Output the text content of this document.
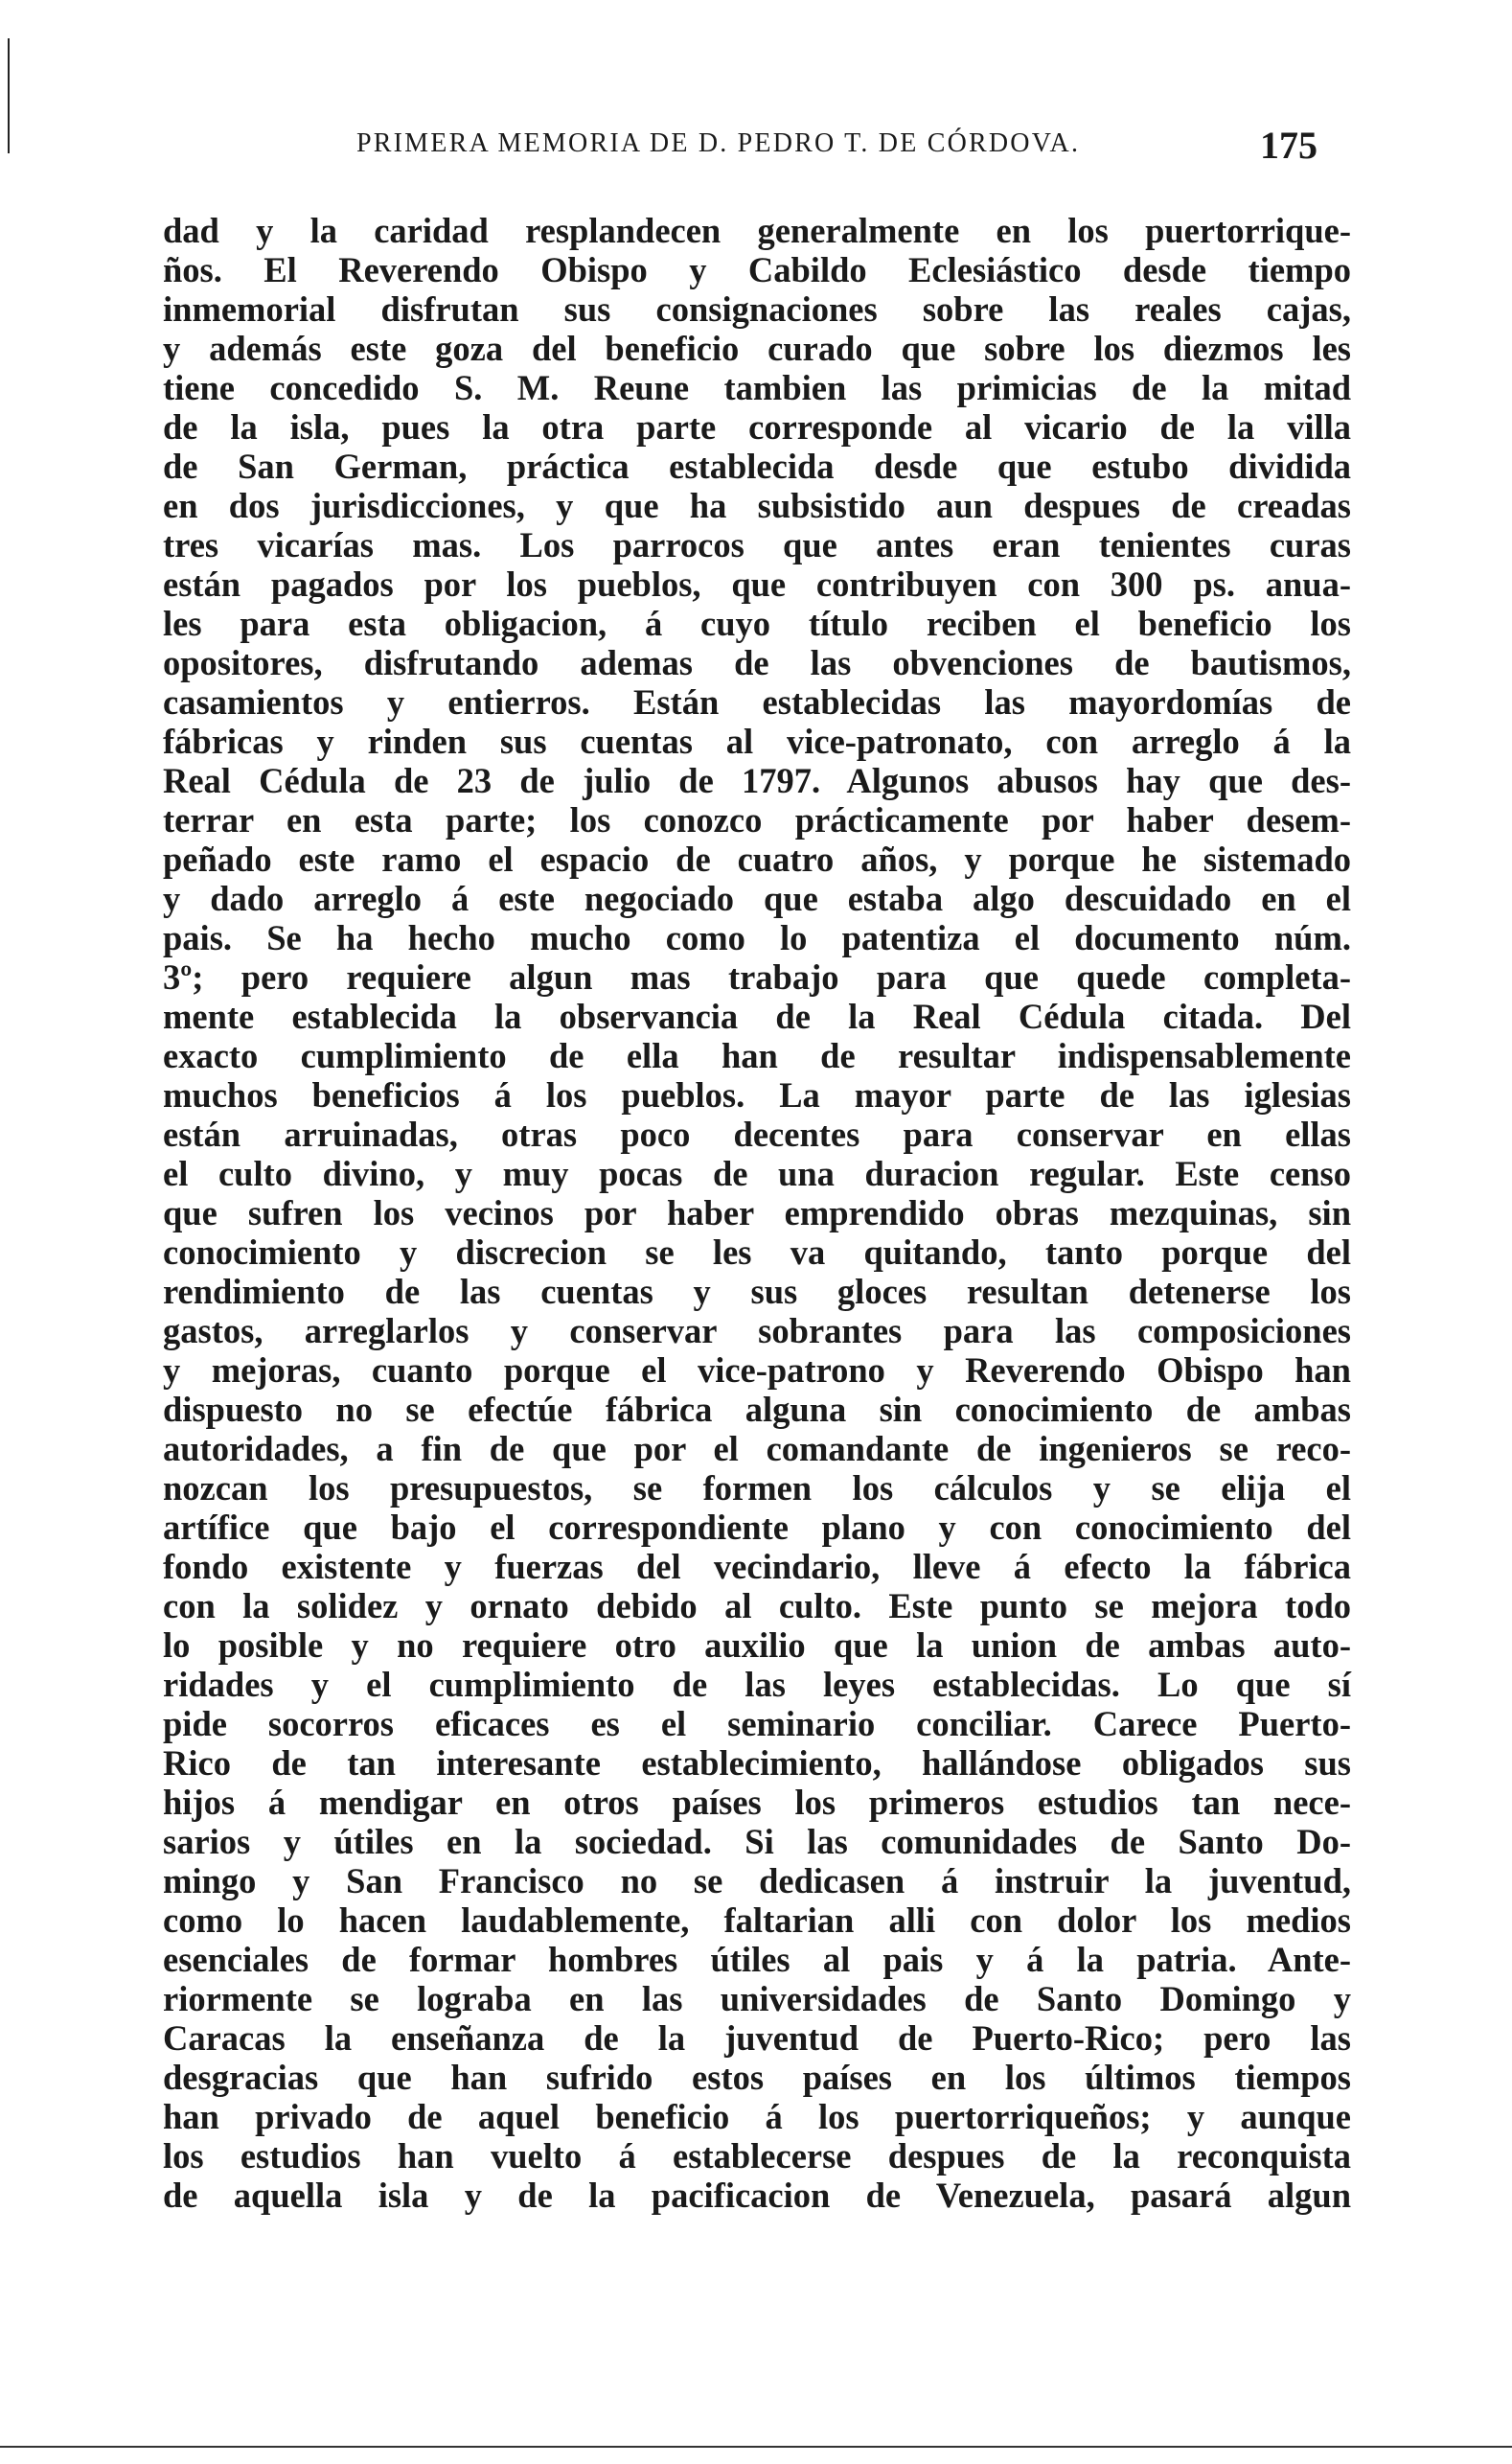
PRIMERA MEMORIA DE D. PEDRO T. DE CÓRDOVA.	175
dad y la caridad resplandecen generalmente en los puertorrique-
ños. El Reverendo Obispo y Cabildo Eclesiástico desde tiempo
inmemorial disfrutan sus consignaciones sobre las reales cajas,
y además este goza del beneficio curado que sobre los diezmos les
tiene concedido S. M. Reune tambien las primicias de la mitad
de la isla, pues la otra parte corresponde al vicario de la villa
de San German, práctica establecida desde que estubo dividida
en dos jurisdicciones, y que ha subsistido aun despues de creadas
tres vicarías mas. Los parrocos que antes eran tenientes curas
están pagados por los pueblos, que contribuyen con 300 ps. anua-
les para esta obligacion, á cuyo título reciben el beneficio los
opositores, disfrutando ademas de las obvenciones de bautismos,
casamientos y entierros. Están establecidas las mayordomías de
fábricas y rinden sus cuentas al vice-patronato, con arreglo á la
Real Cédula de 23 de julio de 1797. Algunos abusos hay que des-
terrar en esta parte; los conozco prácticamente por haber desem-
peñado este ramo el espacio de cuatro años, y porque he sistemado
y dado arreglo á este negociado que estaba algo descuidado en el
pais. Se ha hecho mucho como lo patentiza el documento núm.
3º; pero requiere algun mas trabajo para que quede completa-
mente establecida la observancia de la Real Cédula citada. Del
exacto cumplimiento de ella han de resultar indispensablemente
muchos beneficios á los pueblos. La mayor parte de las iglesias
están arruinadas, otras poco decentes para conservar en ellas
el culto divino, y muy pocas de una duracion regular. Este censo
que sufren los vecinos por haber emprendido obras mezquinas, sin
conocimiento y discrecion se les va quitando, tanto porque del
rendimiento de las cuentas y sus gloces resultan detenerse los
gastos, arreglarlos y conservar sobrantes para las composiciones
y mejoras, cuanto porque el vice-patrono y Reverendo Obispo han
dispuesto no se efectúe fábrica alguna sin conocimiento de ambas
autoridades, a fin de que por el comandante de ingenieros se reco-
nozcan los presupuestos, se formen los cálculos y se elija el
artífice que bajo el correspondiente plano y con conocimiento del
fondo existente y fuerzas del vecindario, lleve á efecto la fábrica
con la solidez y ornato debido al culto. Este punto se mejora todo
lo posible y no requiere otro auxilio que la union de ambas auto-
ridades y el cumplimiento de las leyes establecidas. Lo que sí
pide socorros eficaces es el seminario conciliar. Carece Puerto-
Rico de tan interesante establecimiento, hallándose obligados sus
hijos á mendigar en otros países los primeros estudios tan nece-
sarios y útiles en la sociedad. Si las comunidades de Santo Do-
mingo y San Francisco no se dedicasen á instruir la juventud,
como lo hacen laudablemente, faltarian alli con dolor los medios
esenciales de formar hombres útiles al pais y á la patria. Ante-
riormente se lograba en las universidades de Santo Domingo y
Caracas la enseñanza de la juventud de Puerto-Rico; pero las
desgracias que han sufrido estos países en los últimos tiempos
han privado de aquel beneficio á los puertorriqueños; y aunque
los estudios han vuelto á establecerse despues de la reconquista
de aquella isla y de la pacificacion de Venezuela, pasará algun
